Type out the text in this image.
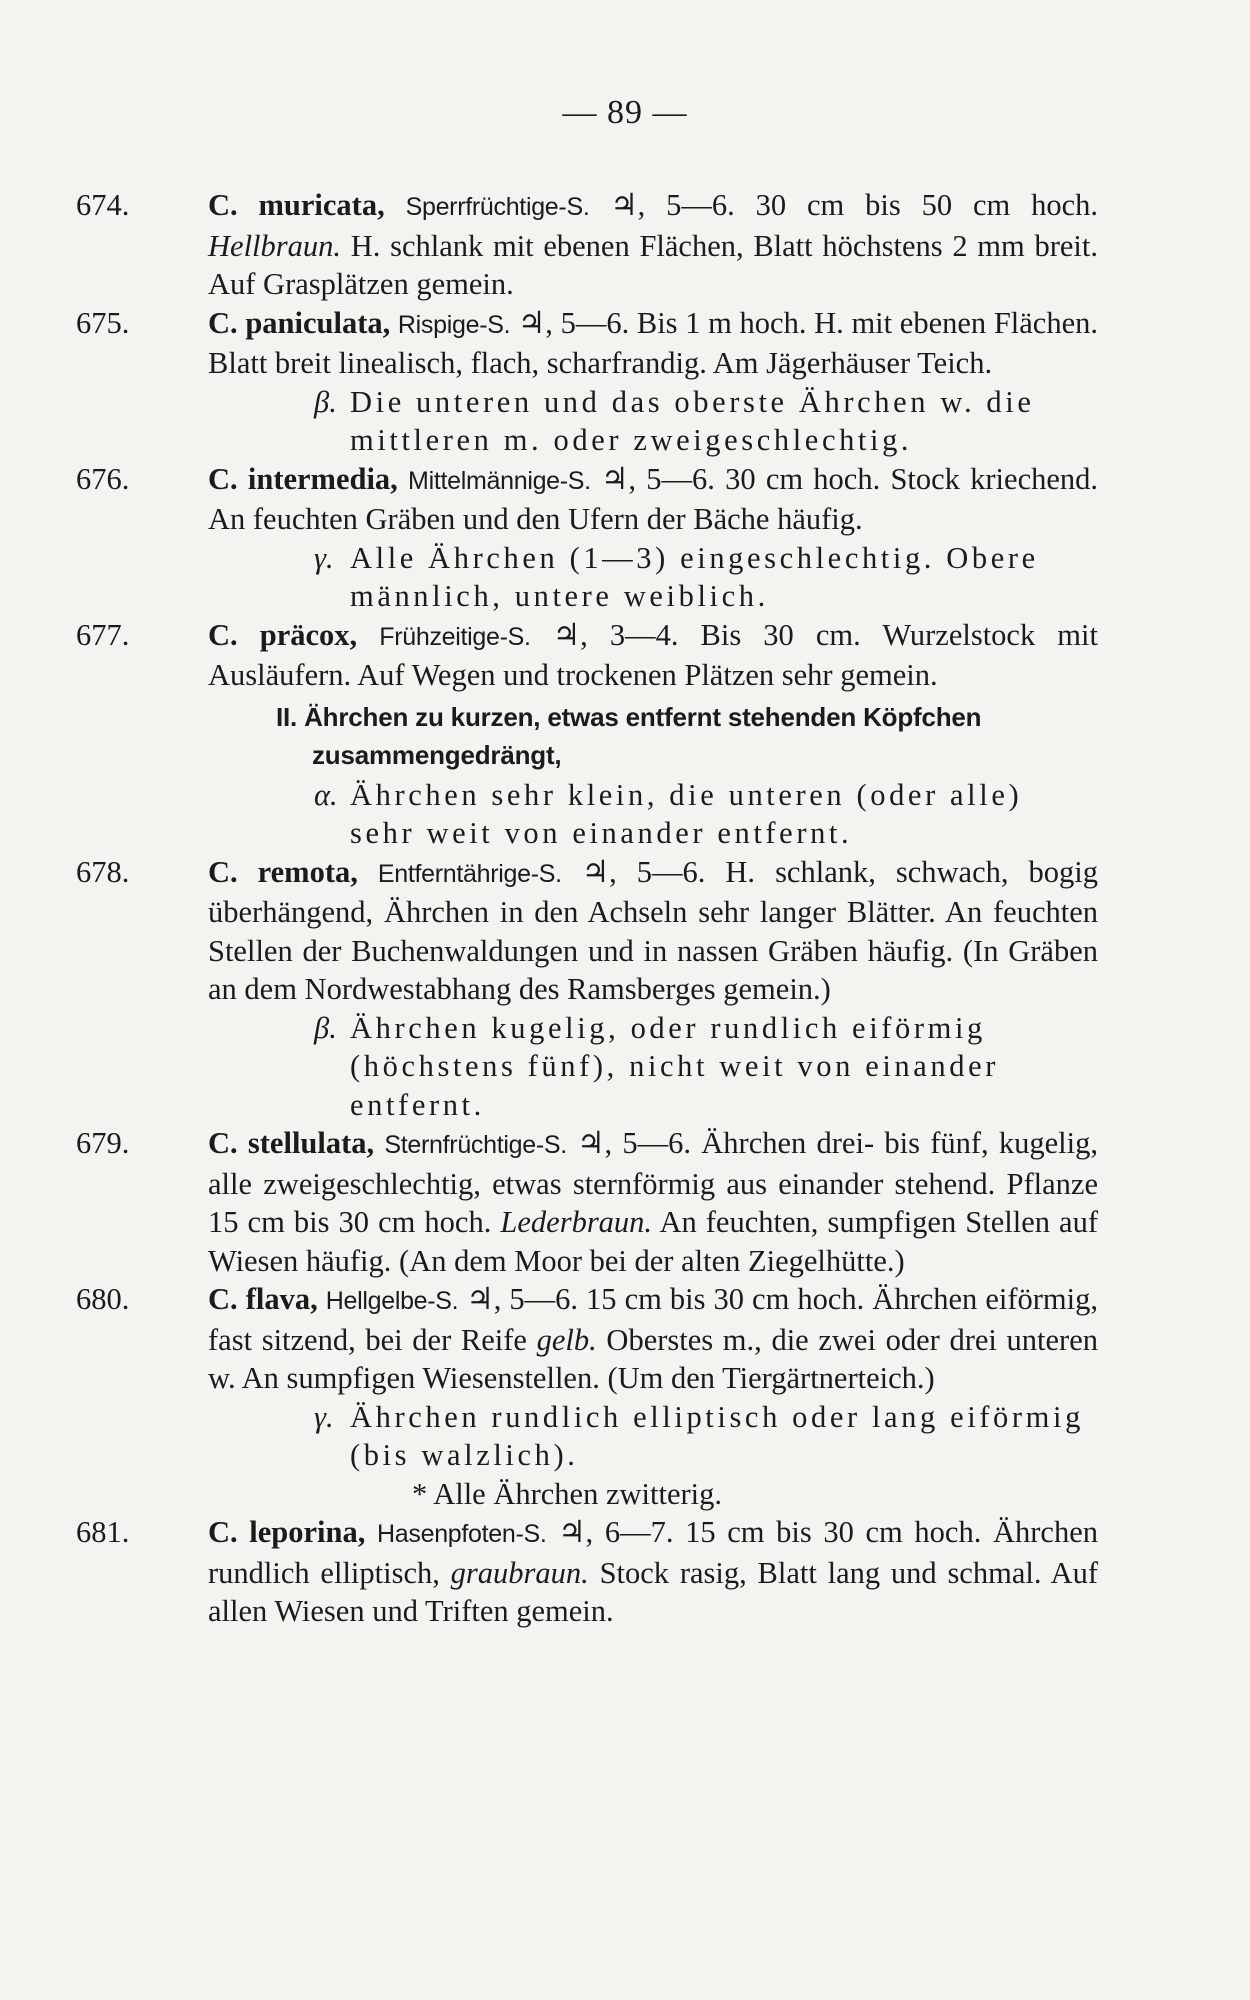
— 89 —

674.	C. muricata, Sperrfrüchtige-S. ♃, 5—6. 30 cm bis 50 cm hoch. Hellbraun. H. schlank mit ebenen Flächen, Blatt höchstens 2 mm breit. Auf Grasplätzen gemein.

675.	C. paniculata, Rispige-S. ♃, 5—6. Bis 1 m hoch. H. mit ebenen Flächen. Blatt breit linealisch, flach, scharfrandig. Am Jägerhäuser Teich.

β. Die unteren und das oberste Ährchen w. die mittleren m. oder zweigeschlechtig.

676.	C. intermedia, Mittelmännige-S. ♃, 5—6. 30 cm hoch. Stock kriechend. An feuchten Gräben und den Ufern der Bäche häufig.

γ. Alle Ährchen (1—3) eingeschlechtig. Obere männlich, untere weiblich.

677.	C. präcox, Frühzeitige-S. ♃, 3—4. Bis 30 cm. Wurzelstock mit Ausläufern. Auf Wegen und trockenen Plätzen sehr gemein.

II. Ährchen zu kurzen, etwas entfernt stehenden Köpfchen zusammengedrängt,

α. Ährchen sehr klein, die unteren (oder alle) sehr weit von einander entfernt.

678.	C. remota, Entferntährige-S. ♃, 5—6. H. schlank, schwach, bogig überhängend, Ährchen in den Achseln sehr langer Blätter. An feuchten Stellen der Buchenwaldungen und in nassen Gräben häufig. (In Gräben an dem Nordwestabhang des Ramsberges gemein.)

β. Ährchen kugelig, oder rundlich eiförmig (höchstens fünf), nicht weit von einander entfernt.

679.	C. stellulata, Sternfrüchtige-S. ♃, 5—6. Ährchen drei- bis fünf, kugelig, alle zweigeschlechtig, etwas sternförmig aus einander stehend. Pflanze 15 cm bis 30 cm hoch. Lederbraun. An feuchten, sumpfigen Stellen auf Wiesen häufig. (An dem Moor bei der alten Ziegelhütte.)

680.	C. flava, Hellgelbe-S. ♃, 5—6. 15 cm bis 30 cm hoch. Ährchen eiförmig, fast sitzend, bei der Reife gelb. Oberstes m., die zwei oder drei unteren w. An sumpfigen Wiesenstellen. (Um den Tiergärtnerteich.)

γ. Ährchen rundlich elliptisch oder lang eiförmig (bis walzlich).

* Alle Ährchen zwitterig.

681.	C. leporina, Hasenpfoten-S. ♃, 6—7. 15 cm bis 30 cm hoch. Ährchen rundlich elliptisch, graubraun. Stock rasig, Blatt lang und schmal. Auf allen Wiesen und Triften gemein.
